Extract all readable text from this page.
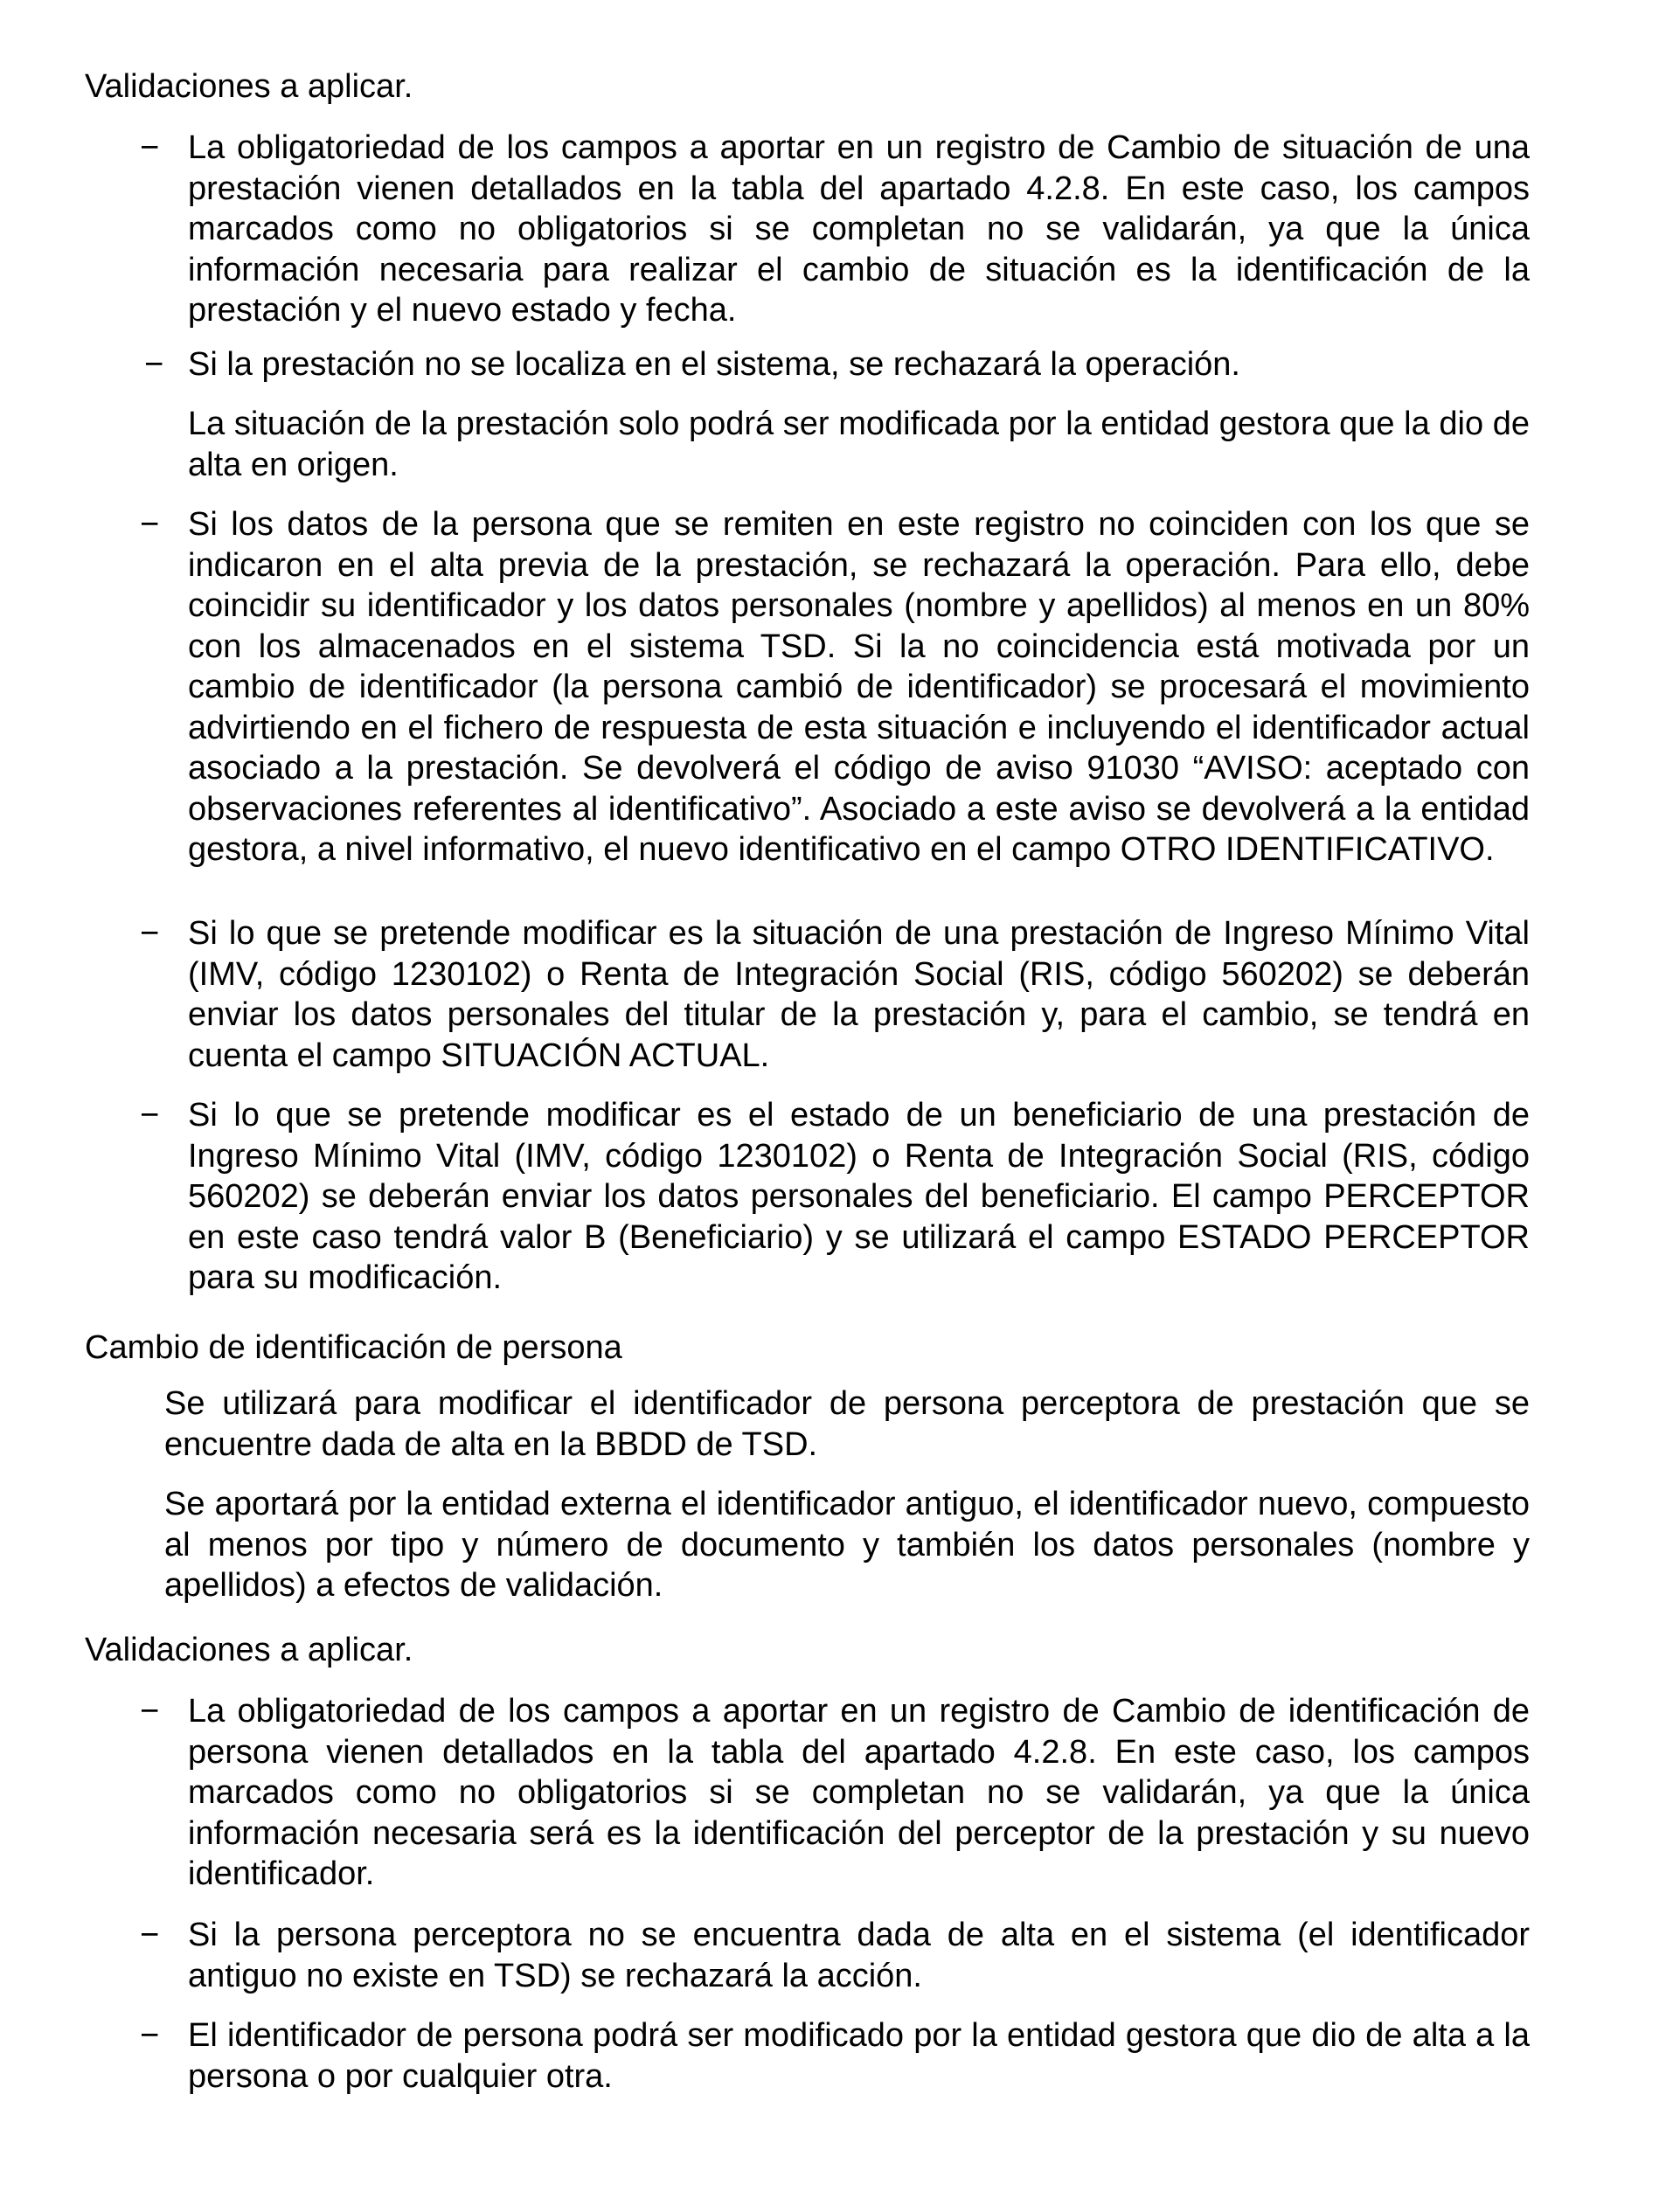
Validaciones a aplicar.

− La obligatoriedad de los campos a aportar en un registro de Cambio de situación de una prestación vienen detallados en la tabla del apartado 4.2.8. En este caso, los campos marcados como no obligatorios si se completan no se validarán, ya que la única información necesaria para realizar el cambio de situación es la identificación de la prestación y el nuevo estado y fecha.

− Si la prestación no se localiza en el sistema, se rechazará la operación.

La situación de la prestación solo podrá ser modificada por la entidad gestora que la dio de alta en origen.

− Si los datos de la persona que se remiten en este registro no coinciden con los que se indicaron en el alta previa de la prestación, se rechazará la operación. Para ello, debe coincidir su identificador y los datos personales (nombre y apellidos) al menos en un 80% con los almacenados en el sistema TSD. Si la no coincidencia está motivada por un cambio de identificador (la persona cambió de identificador) se procesará el movimiento advirtiendo en el fichero de respuesta de esta situación e incluyendo el identificador actual asociado a la prestación. Se devolverá el código de aviso 91030 “AVISO: aceptado con observaciones referentes al identificativo”. Asociado a este aviso se devolverá a la entidad gestora, a nivel informativo, el nuevo identificativo en el campo OTRO IDENTIFICATIVO.

− Si lo que se pretende modificar es la situación de una prestación de Ingreso Mínimo Vital (IMV, código 1230102) o Renta de Integración Social (RIS, código 560202) se deberán enviar los datos personales del titular de la prestación y, para el cambio, se tendrá en cuenta el campo SITUACIÓN ACTUAL.

− Si lo que se pretende modificar es el estado de un beneficiario de una prestación de Ingreso Mínimo Vital (IMV, código 1230102) o Renta de Integración Social (RIS, código 560202) se deberán enviar los datos personales del beneficiario. El campo PERCEPTOR en este caso tendrá valor B (Beneficiario) y se utilizará el campo ESTADO PERCEPTOR para su modificación.

Cambio de identificación de persona

Se utilizará para modificar el identificador de persona perceptora de prestación que se encuentre dada de alta en la BBDD de TSD.

Se aportará por la entidad externa el identificador antiguo, el identificador nuevo, compuesto al menos por tipo y número de documento y también los datos personales (nombre y apellidos) a efectos de validación.

Validaciones a aplicar.

− La obligatoriedad de los campos a aportar en un registro de Cambio de identificación de persona vienen detallados en la tabla del apartado 4.2.8. En este caso, los campos marcados como no obligatorios si se completan no se validarán, ya que la única información necesaria será es la identificación del perceptor de la prestación y su nuevo identificador.

− Si la persona perceptora no se encuentra dada de alta en el sistema (el identificador antiguo no existe en TSD) se rechazará la acción.

− El identificador de persona podrá ser modificado por la entidad gestora que dio de alta a la persona o por cualquier otra.
